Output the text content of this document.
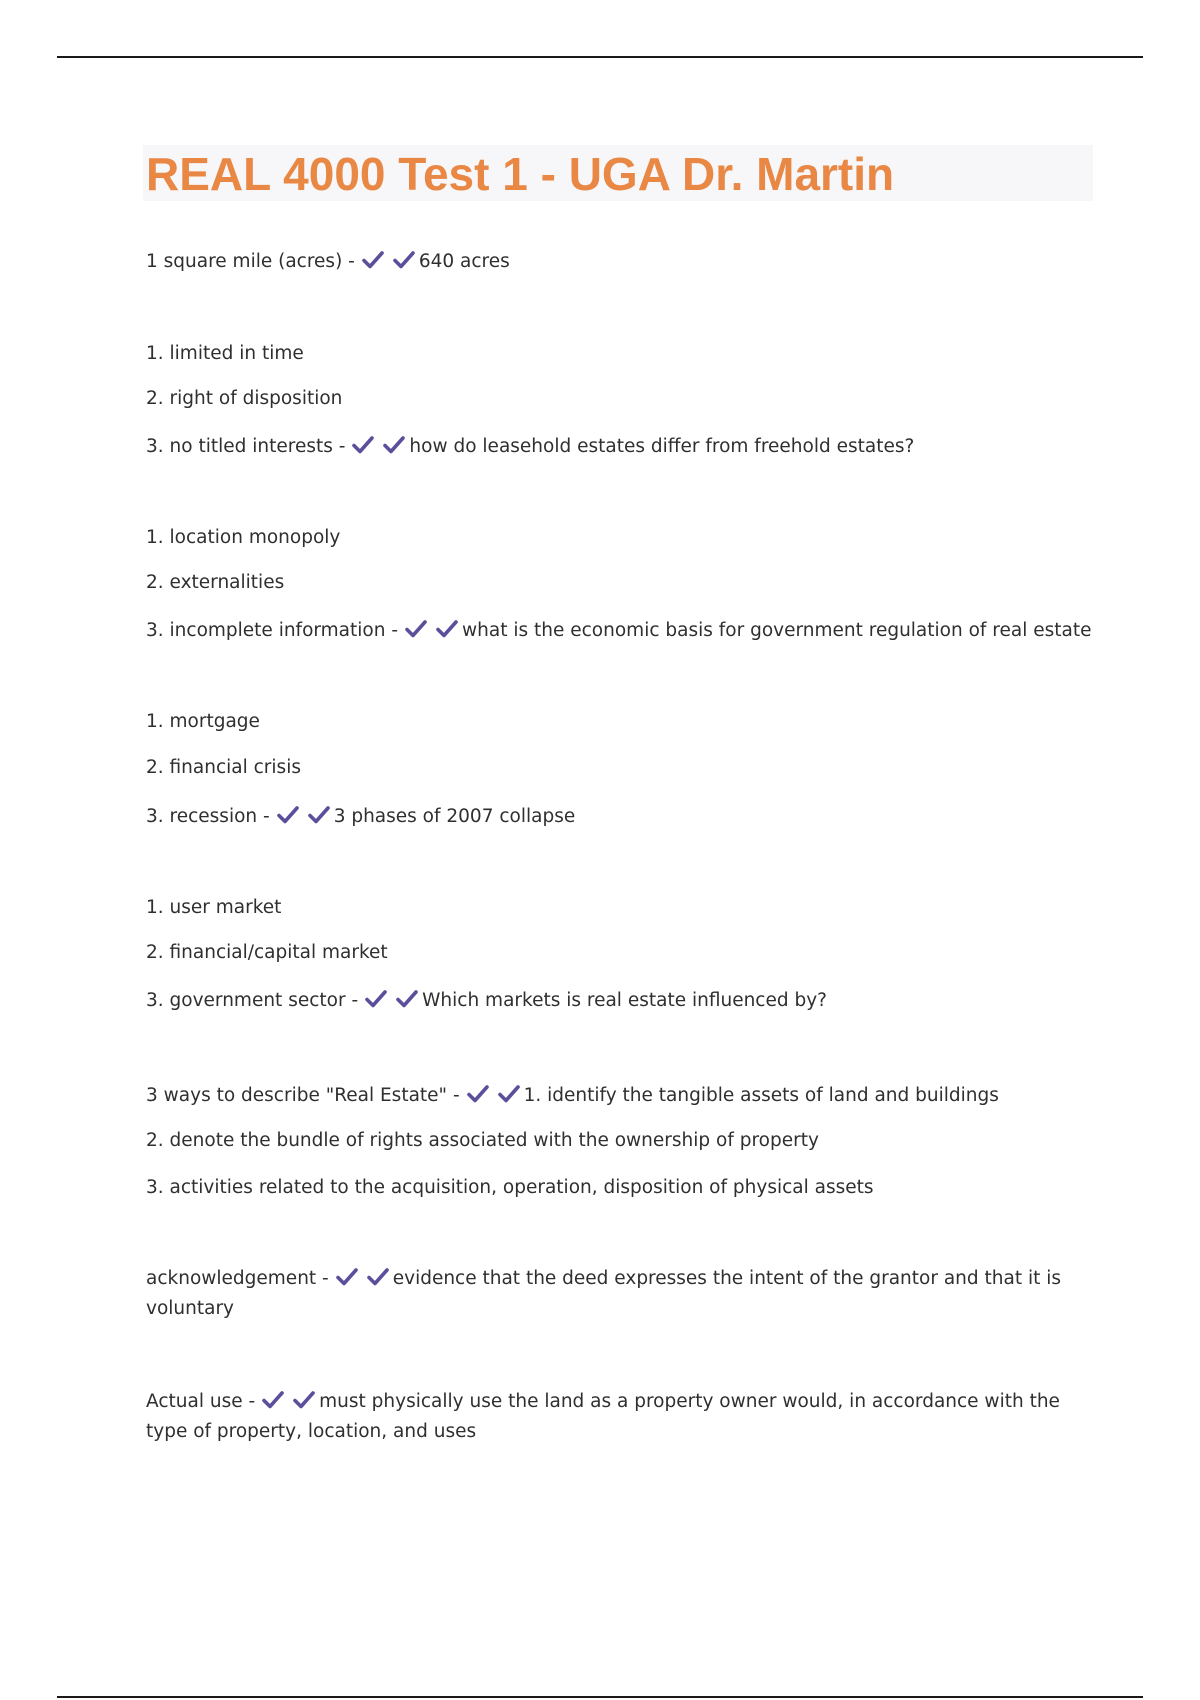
REAL 4000 Test 1 - UGA Dr. Martin

1 square mile (acres) -	640 acres

1. limited in time

2. right of disposition

3. no titled interests -	how do leasehold estates differ from freehold estates?

1. location monopoly

2. externalities

3. incomplete information -	what is the economic basis for government regulation of real estate

1. mortgage

2. financial crisis

3. recession -	3 phases of 2007 collapse

1. user market

2. financial/capital market

3. government sector -	Which markets is real estate influenced by?

3 ways to describe "Real Estate" -	1. identify the tangible assets of land and buildings

2. denote the bundle of rights associated with the ownership of property

3. activities related to the acquisition, operation, disposition of physical assets

acknowledgement -	evidence that the deed expresses the intent of the grantor and that it is voluntary

Actual use -	must physically use the land as a property owner would, in accordance with the type of property, location, and uses
